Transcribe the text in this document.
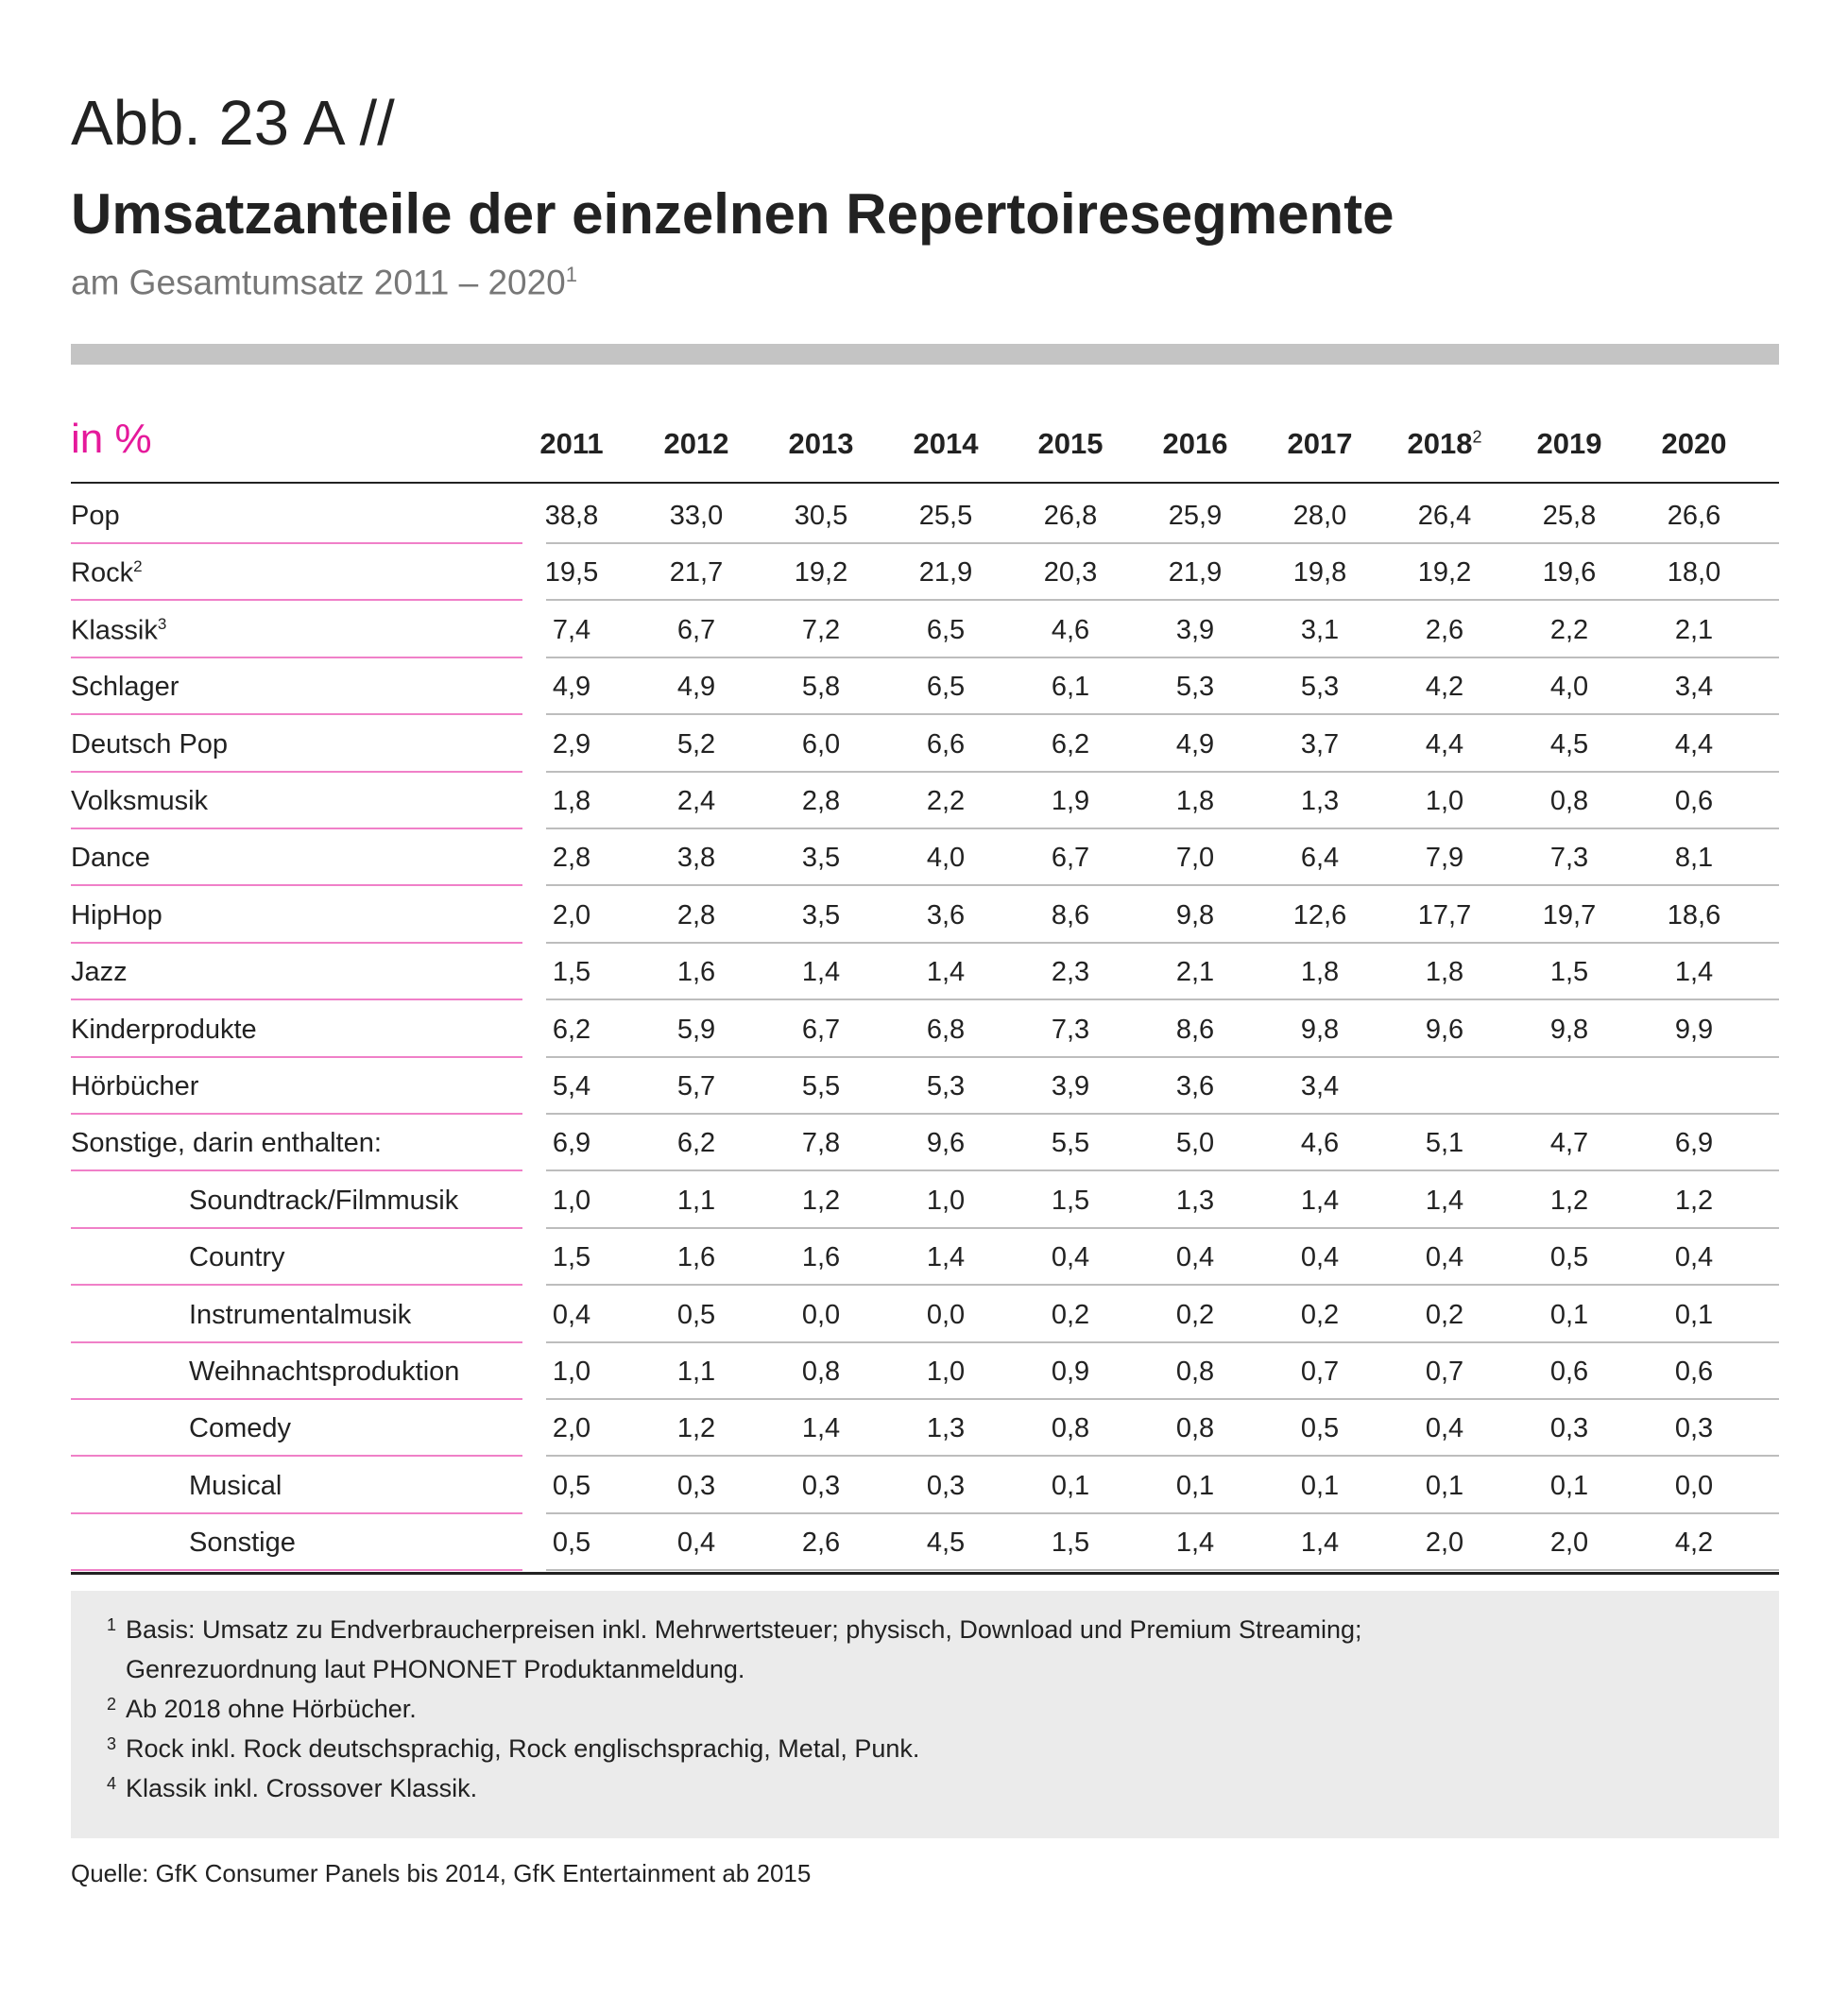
Abb. 23 A //
Umsatzanteile der einzelnen Repertoiresegmente
am Gesamtumsatz 2011 – 2020$^1$
in %	2011	2012	2013	2014	2015	2016	2017	2018$^2$	2019	2020
Pop	38,8	33,0	30,5	25,5	26,8	25,9	28,0	26,4	25,8	26,6
Rock$^2$	19,5	21,7	19,2	21,9	20,3	21,9	19,8	19,2	19,6	18,0
Klassik$^3$	7,4	6,7	7,2	6,5	4,6	3,9	3,1	2,6	2,2	2,1
Schlager	4,9	4,9	5,8	6,5	6,1	5,3	5,3	4,2	4,0	3,4
Deutsch Pop	2,9	5,2	6,0	6,6	6,2	4,9	3,7	4,4	4,5	4,4
Volksmusik	1,8	2,4	2,8	2,2	1,9	1,8	1,3	1,0	0,8	0,6
Dance	2,8	3,8	3,5	4,0	6,7	7,0	6,4	7,9	7,3	8,1
HipHop	2,0	2,8	3,5	3,6	8,6	9,8	12,6	17,7	19,7	18,6
Jazz	1,5	1,6	1,4	1,4	2,3	2,1	1,8	1,8	1,5	1,4
Kinderprodukte	6,2	5,9	6,7	6,8	7,3	8,6	9,8	9,6	9,8	9,9
Hörbücher	5,4	5,7	5,5	5,3	3,9	3,6	3,4
Sonstige, darin enthalten:	6,9	6,2	7,8	9,6	5,5	5,0	4,6	5,1	4,7	6,9
Soundtrack/Filmmusik	1,0	1,1	1,2	1,0	1,5	1,3	1,4	1,4	1,2	1,2
Country	1,5	1,6	1,6	1,4	0,4	0,4	0,4	0,4	0,5	0,4
Instrumentalmusik	0,4	0,5	0,0	0,0	0,2	0,2	0,2	0,2	0,1	0,1
Weihnachtsproduktion	1,0	1,1	0,8	1,0	0,9	0,8	0,7	0,7	0,6	0,6
Comedy	2,0	1,2	1,4	1,3	0,8	0,8	0,5	0,4	0,3	0,3
Musical	0,5	0,3	0,3	0,3	0,1	0,1	0,1	0,1	0,1	0,0
Sonstige	0,5	0,4	2,6	4,5	1,5	1,4	1,4	2,0	2,0	4,2
1 Basis: Umsatz zu Endverbraucherpreisen inkl. Mehrwertsteuer; physisch, Download und Premium Streaming;
Genrezuordnung laut PHONONET Produktanmeldung.
2 Ab 2018 ohne Hörbücher.
3 Rock inkl. Rock deutschsprachig, Rock englischsprachig, Metal, Punk.
4 Klassik inkl. Crossover Klassik.
Quelle: GfK Consumer Panels bis 2014, GfK Entertainment ab 2015
